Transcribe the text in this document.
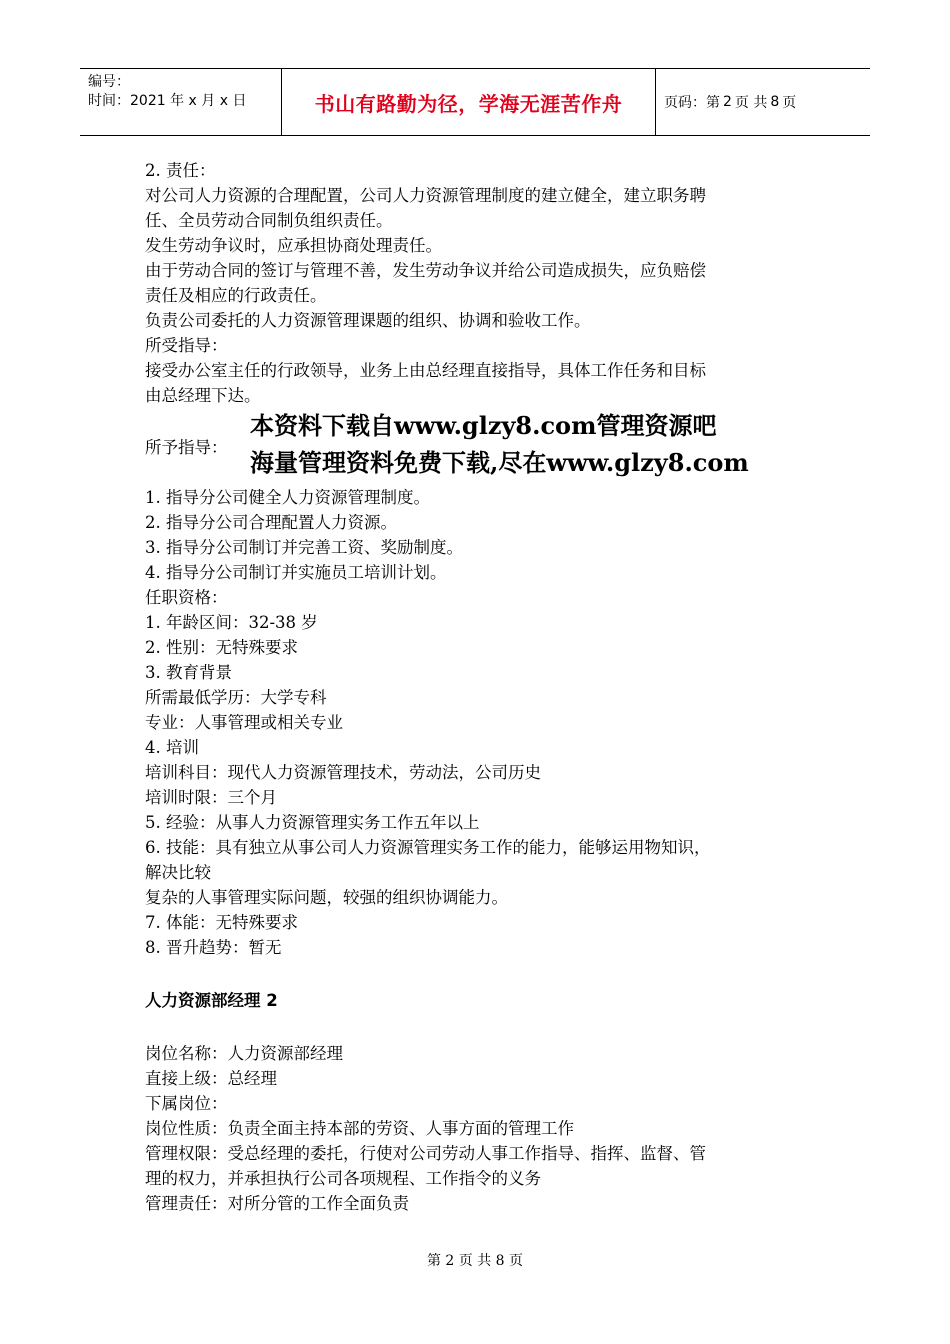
编号：
时间：2021 年 x 月 x 日	书山有路勤为径，学海无涯苦作舟	页码：第 2 页 共 8 页
2. 责任：
对公司人力资源的合理配置，公司人力资源管理制度的建立健全，建立职务聘
任、全员劳动合同制负组织责任。
发生劳动争议时，应承担协商处理责任。
由于劳动合同的签订与管理不善，发生劳动争议并给公司造成损失，应负赔偿
责任及相应的行政责任。
负责公司委托的人力资源管理课题的组织、协调和验收工作。
所受指导：
接受办公室主任的行政领导，业务上由总经理直接指导，具体工作任务和目标
由总经理下达。
所予指导：
1. 指导分公司健全人力资源管理制度。
2. 指导分公司合理配置人力资源。
3. 指导分公司制订并完善工资、奖励制度。
4. 指导分公司制订并实施员工培训计划。
任职资格：
1. 年龄区间：32-38 岁
2. 性别：无特殊要求
3. 教育背景
所需最低学历：大学专科
专业：人事管理或相关专业
4. 培训
培训科目：现代人力资源管理技术，劳动法，公司历史
培训时限：三个月
5. 经验：从事人力资源管理实务工作五年以上
6. 技能：具有独立从事公司人力资源管理实务工作的能力，能够运用物知识，
解决比较
复杂的人事管理实际问题，较强的组织协调能力。
7. 体能：无特殊要求
8. 晋升趋势：暂无
人力资源部经理 2
岗位名称：人力资源部经理
直接上级：总经理
下属岗位：
岗位性质：负责全面主持本部的劳资、人事方面的管理工作
管理权限：受总经理的委托，行使对公司劳动人事工作指导、指挥、监督、管
理的权力，并承担执行公司各项规程、工作指令的义务
管理责任：对所分管的工作全面负责
本资料下载自www.glzy8.com管理资源吧
海量管理资料免费下载,尽在www.glzy8.com
第 2 页 共 8 页
